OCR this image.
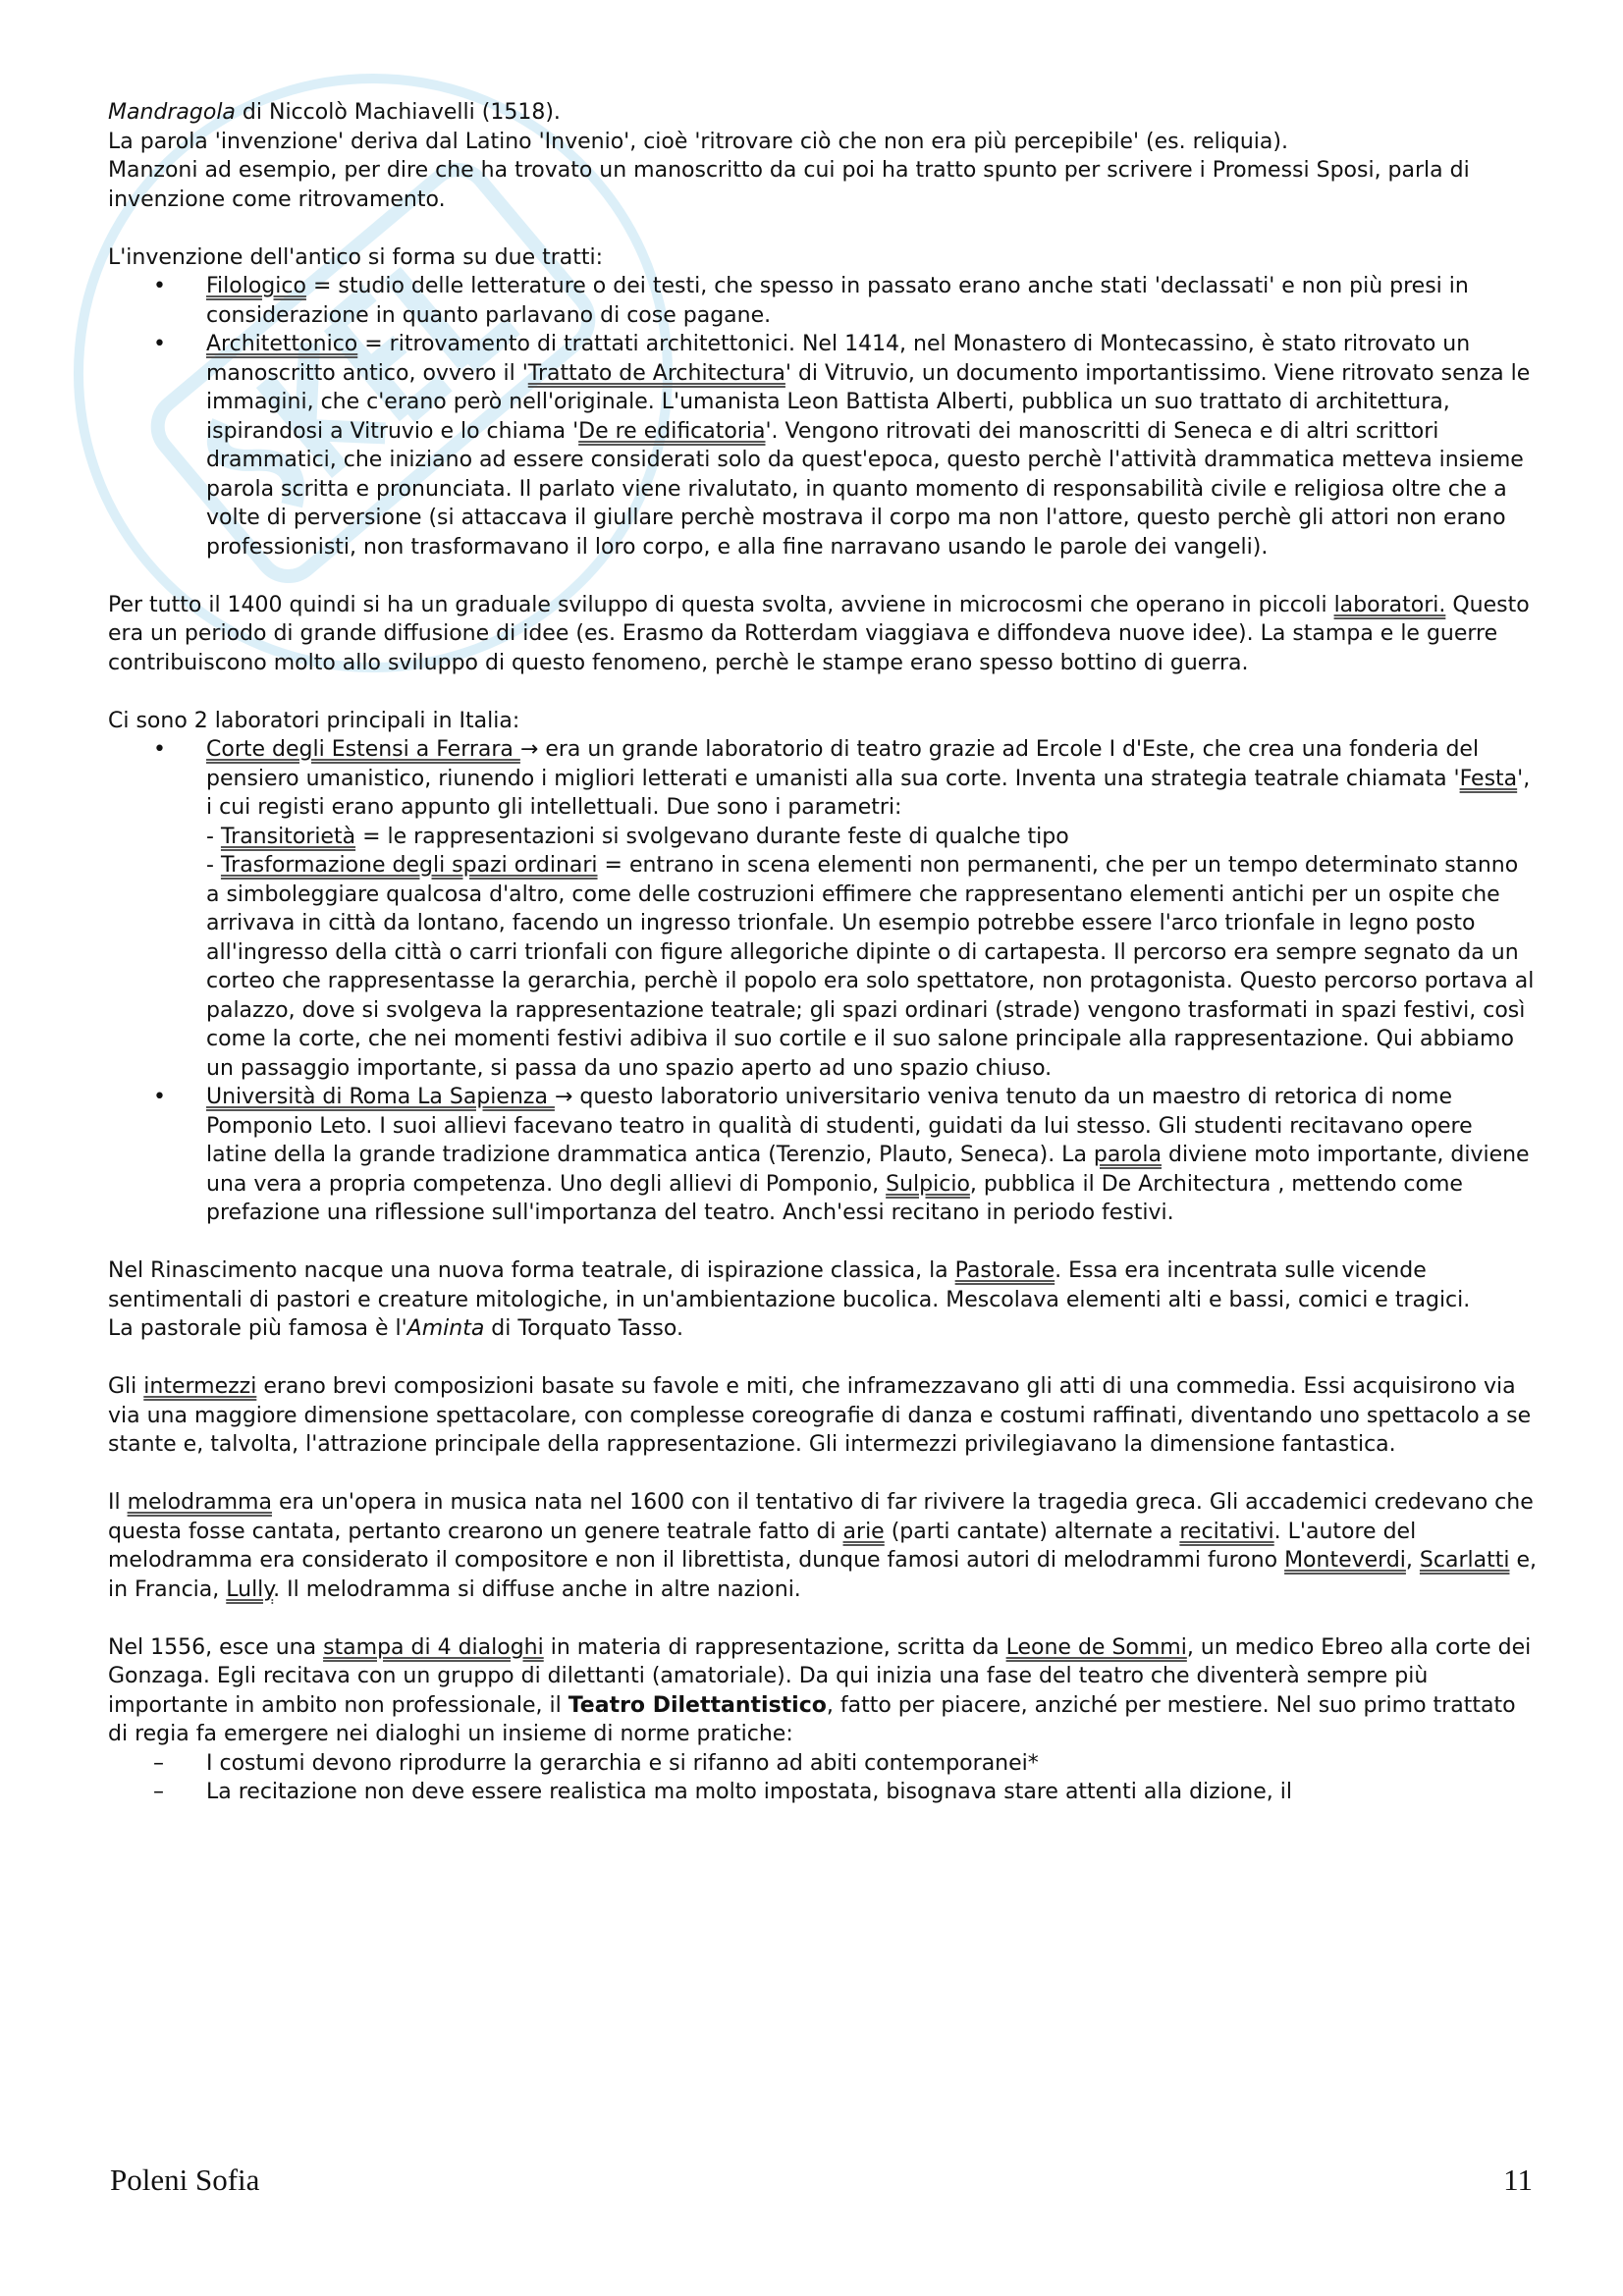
Mandragola di Niccolò Machiavelli (1518).

La parola 'invenzione' deriva dal Latino 'Invenio', cioè 'ritrovare ciò che non era più percepibile' (es. reliquia).

Manzoni ad esempio, per dire che ha trovato un manoscritto da cui poi ha tratto spunto per scrivere i Promessi Sposi, parla di invenzione come ritrovamento.

L'invenzione dell'antico si forma su due tratti:

• Filologico = studio delle letterature o dei testi, che spesso in passato erano anche stati 'declassati' e non più presi in considerazione in quanto parlavano di cose pagane.
• Architettonico = ritrovamento di trattati architettonici. Nel 1414, nel Monastero di Montecassino, è stato ritrovato un manoscritto antico, ovvero il 'Trattato de Architectura' di Vitruvio, un documento importantissimo. Viene ritrovato senza le immagini, che c'erano però nell'originale. L'umanista Leon Battista Alberti, pubblica un suo trattato di architettura, ispirandosi a Vitruvio e lo chiama 'De re edificatoria'. Vengono ritrovati dei manoscritti di Seneca e di altri scrittori drammatici, che iniziano ad essere considerati solo da quest'epoca, questo perchè l'attività drammatica metteva insieme parola scritta e pronunciata. Il parlato viene rivalutato, in quanto momento di responsabilità civile e religiosa oltre che a volte di perversione (si attaccava il giullare perchè mostrava il corpo ma non l'attore, questo perchè gli attori non erano professionisti, non trasformavano il loro corpo, e alla fine narravano usando le parole dei vangeli).

Per tutto il 1400 quindi si ha un graduale sviluppo di questa svolta, avviene in microcosmi che operano in piccoli laboratori. Questo era un periodo di grande diffusione di idee (es. Erasmo da Rotterdam viaggiava e diffondeva nuove idee). La stampa e le guerre contribuiscono molto allo sviluppo di questo fenomeno, perchè le stampe erano spesso bottino di guerra.

Ci sono 2 laboratori principali in Italia:

• Corte degli Estensi a Ferrara → era un grande laboratorio di teatro grazie ad Ercole I d'Este, che crea una fonderia del pensiero umanistico, riunendo i migliori letterati e umanisti alla sua corte. Inventa una strategia teatrale chiamata 'Festa', i cui registi erano appunto gli intellettuali. Due sono i parametri:
- Transitorietà = le rappresentazioni si svolgevano durante feste di qualche tipo
- Trasformazione degli spazi ordinari = entrano in scena elementi non permanenti, che per un tempo determinato stanno a simboleggiare qualcosa d'altro, come delle costruzioni effimere che rappresentano elementi antichi per un ospite che arrivava in città da lontano, facendo un ingresso trionfale. Un esempio potrebbe essere l'arco trionfale in legno posto all'ingresso della città o carri trionfali con figure allegoriche dipinte o di cartapesta. Il percorso era sempre segnato da un corteo che rappresentasse la gerarchia, perchè il popolo era solo spettatore, non protagonista. Questo percorso portava al palazzo, dove si svolgeva la rappresentazione teatrale; gli spazi ordinari (strade) vengono trasformati in spazi festivi, così come la corte, che nei momenti festivi adibiva il suo cortile e il suo salone principale alla rappresentazione. Qui abbiamo un passaggio importante, si passa da uno spazio aperto ad uno spazio chiuso.
• Università di Roma La Sapienza → questo laboratorio universitario veniva tenuto da un maestro di retorica di nome Pomponio Leto. I suoi allievi facevano teatro in qualità di studenti, guidati da lui stesso. Gli studenti recitavano opere latine della la grande tradizione drammatica antica (Terenzio, Plauto, Seneca). La parola diviene moto importante, diviene una vera a propria competenza. Uno degli allievi di Pomponio, Sulpicio, pubblica il De Architectura , mettendo come prefazione una riflessione sull'importanza del teatro. Anch'essi recitano in periodo festivi.

Nel Rinascimento nacque una nuova forma teatrale, di ispirazione classica, la Pastorale. Essa era incentrata sulle vicende sentimentali di pastori e creature mitologiche, in un'ambientazione bucolica. Mescolava elementi alti e bassi, comici e tragici.

La pastorale più famosa è l'Aminta di Torquato Tasso.

Gli intermezzi erano brevi composizioni basate su favole e miti, che inframezzavano gli atti di una commedia. Essi acquisirono via via una maggiore dimensione spettacolare, con complesse coreografie di danza e costumi raffinati, diventando uno spettacolo a se stante e, talvolta, l'attrazione principale della rappresentazione. Gli intermezzi privilegiavano la dimensione fantastica.

Il melodramma era un'opera in musica nata nel 1600 con il tentativo di far rivivere la tragedia greca. Gli accademici credevano che questa fosse cantata, pertanto crearono un genere teatrale fatto di arie (parti cantate) alternate a recitativi. L'autore del melodramma era considerato il compositore e non il librettista, dunque famosi autori di melodrammi furono Monteverdi, Scarlatti e, in Francia, Lully. Il melodramma si diffuse anche in altre nazioni.

Nel 1556, esce una stampa di 4 dialoghi in materia di rappresentazione, scritta da Leone de Sommi, un medico Ebreo alla corte dei Gonzaga. Egli recitava con un gruppo di dilettanti (amatoriale). Da qui inizia una fase del teatro che diventerà sempre più importante in ambito non professionale, il Teatro Dilettantistico, fatto per piacere, anziché per mestiere. Nel suo primo trattato di regia fa emergere nei dialoghi un insieme di norme pratiche:

– I costumi devono riprodurre la gerarchia e si rifanno ad abiti contemporanei*
– La recitazione non deve essere realistica ma molto impostata, bisognava stare attenti alla dizione, il
Poleni Sofia	11
